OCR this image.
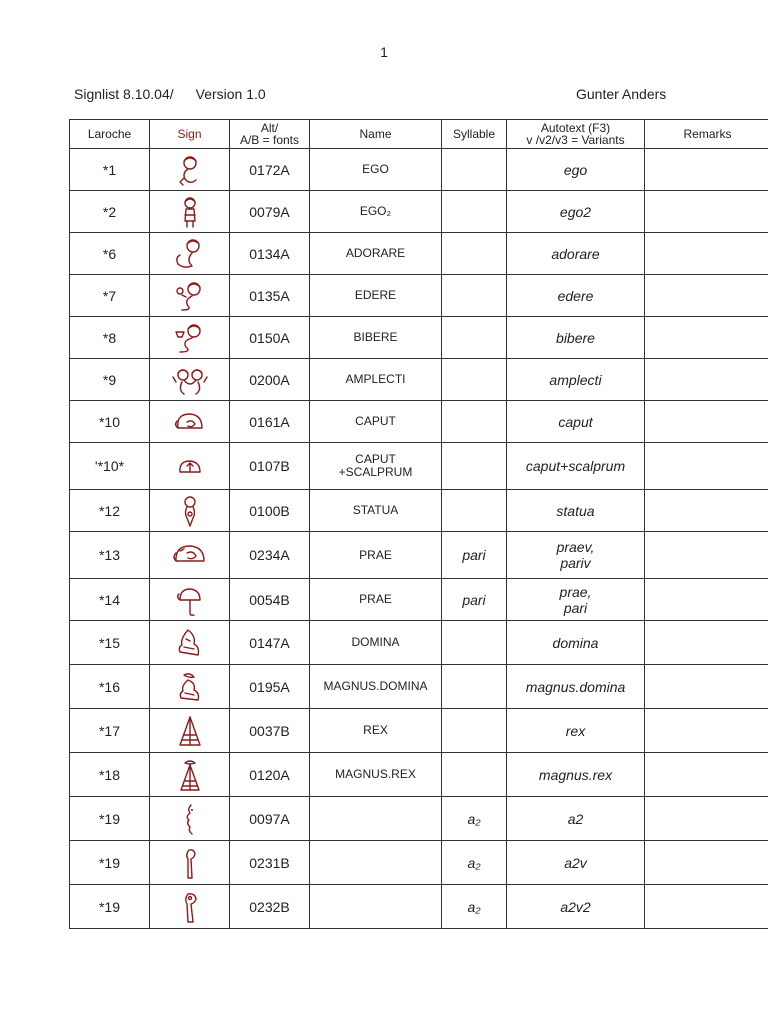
1
Signlist 8.10.04/ Version 1.0	Gunter Anders
Laroche	Sign	Alt/
A/B = fonts	Name	Syllable	Autotext (F3)
v /v2/v3 = Variants	Remarks
*1		0172A	EGO		ego	
*2		0079A	EGO₂		ego2	
*6		0134A	ADORARE		adorare	
*7		0135A	EDERE		edere	
*8		0150A	BIBERE		bibere	
*9		0200A	AMPLECTI		amplecti	
*10		0161A	CAPUT		caput	
'*10*		0107B	CAPUT
+SCALPRUM		caput+scalprum	
*12		0100B	STATUA		statua	
*13		0234A	PRAE	pari	praev,
pariv	
*14		0054B	PRAE	pari	prae,
pari	
*15		0147A	DOMINA		domina	
*16		0195A	MAGNUS.DOMINA		magnus.domina	
*17		0037B	REX		rex	
*18		0120A	MAGNUS.REX		magnus.rex	
*19		0097A		a₂	a2	
*19		0231B		a₂	a2v	
*19		0232B		a₂	a2v2	
